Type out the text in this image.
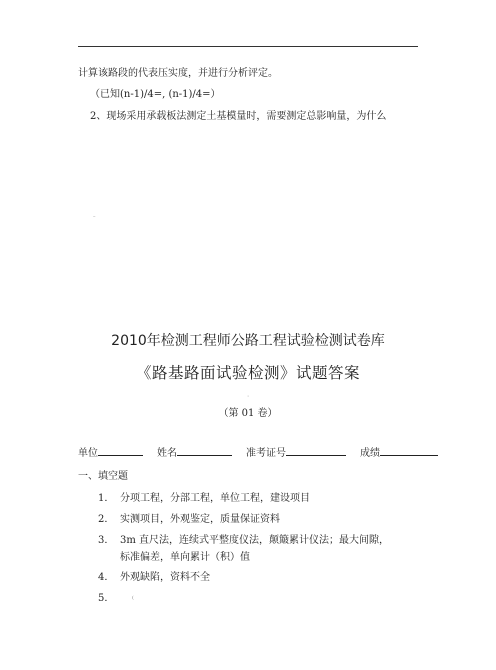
计算该路段的代表压实度，并进行分析评定。
（已知(n-1)/4=, (n-1)/4=）
2、现场采用承载板法测定土基模量时，需要测定总影响量，为什么
–
2010年检测工程师公路工程试验检测试卷库
《路基路面试验检测》试题答案
'
（第 01 卷）
单位	姓名	准考证号	成绩
一、填空题
1． 分项工程，分部工程，单位工程，建设项目
2． 实测项目，外观鉴定，质量保证资料
3． 3m 直尺法，连续式平整度仪法，颠簸累计仪法；最大间隙，
标准偏差，单向累计（积）值
4． 外观缺陷，资料不全
5．	(
